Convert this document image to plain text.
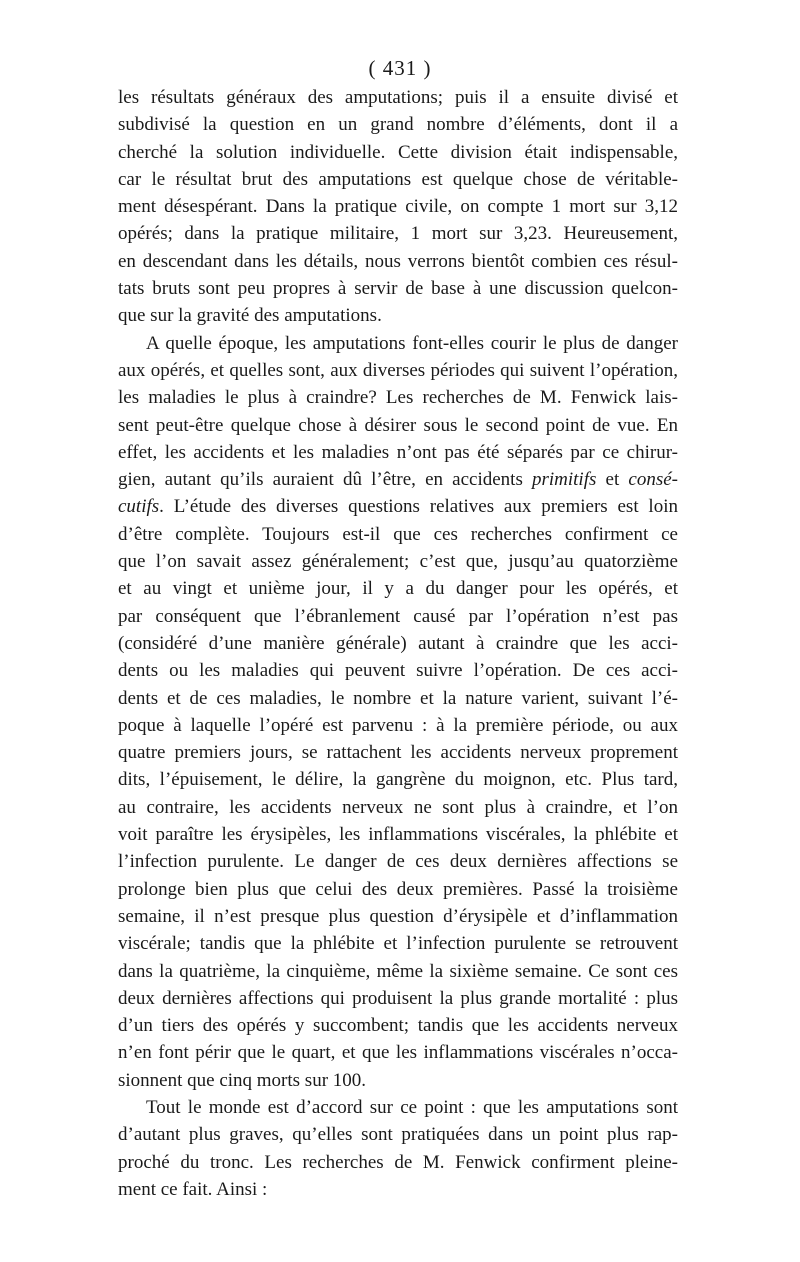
( 431 )
les résultats généraux des amputations; puis il a ensuite divisé et
subdivisé la question en un grand nombre d’éléments, dont il a
cherché la solution individuelle. Cette division était indispensable,
car le résultat brut des amputations est quelque chose de véritable-
ment désespérant. Dans la pratique civile, on compte 1 mort sur 3,12
opérés; dans la pratique militaire, 1 mort sur 3,23. Heureusement,
en descendant dans les détails, nous verrons bientôt combien ces résul-
tats bruts sont peu propres à servir de base à une discussion quelcon-
que sur la gravité des amputations.
A quelle époque, les amputations font-elles courir le plus de danger
aux opérés, et quelles sont, aux diverses périodes qui suivent l’opération,
les maladies le plus à craindre? Les recherches de M. Fenwick lais-
sent peut-être quelque chose à désirer sous le second point de vue. En
effet, les accidents et les maladies n’ont pas été séparés par ce chirur-
gien, autant qu’ils auraient dû l’être, en accidents primitifs et consé-
cutifs. L’étude des diverses questions relatives aux premiers est loin
d’être complète. Toujours est-il que ces recherches confirment ce
que l’on savait assez généralement; c’est que, jusqu’au quatorzième
et au vingt et unième jour, il y a du danger pour les opérés, et
par conséquent que l’ébranlement causé par l’opération n’est pas
(considéré d’une manière générale) autant à craindre que les acci-
dents ou les maladies qui peuvent suivre l’opération. De ces acci-
dents et de ces maladies, le nombre et la nature varient, suivant l’é-
poque à laquelle l’opéré est parvenu : à la première période, ou aux
quatre premiers jours, se rattachent les accidents nerveux proprement
dits, l’épuisement, le délire, la gangrène du moignon, etc. Plus tard,
au contraire, les accidents nerveux ne sont plus à craindre, et l’on
voit paraître les érysipèles, les inflammations viscérales, la phlébite et
l’infection purulente. Le danger de ces deux dernières affections se
prolonge bien plus que celui des deux premières. Passé la troisième
semaine, il n’est presque plus question d’érysipèle et d’inflammation
viscérale; tandis que la phlébite et l’infection purulente se retrouvent
dans la quatrième, la cinquième, même la sixième semaine. Ce sont ces
deux dernières affections qui produisent la plus grande mortalité : plus
d’un tiers des opérés y succombent; tandis que les accidents nerveux
n’en font périr que le quart, et que les inflammations viscérales n’occa-
sionnent que cinq morts sur 100.
Tout le monde est d’accord sur ce point : que les amputations sont
d’autant plus graves, qu’elles sont pratiquées dans un point plus rap-
proché du tronc. Les recherches de M. Fenwick confirment pleine-
ment ce fait. Ainsi :
